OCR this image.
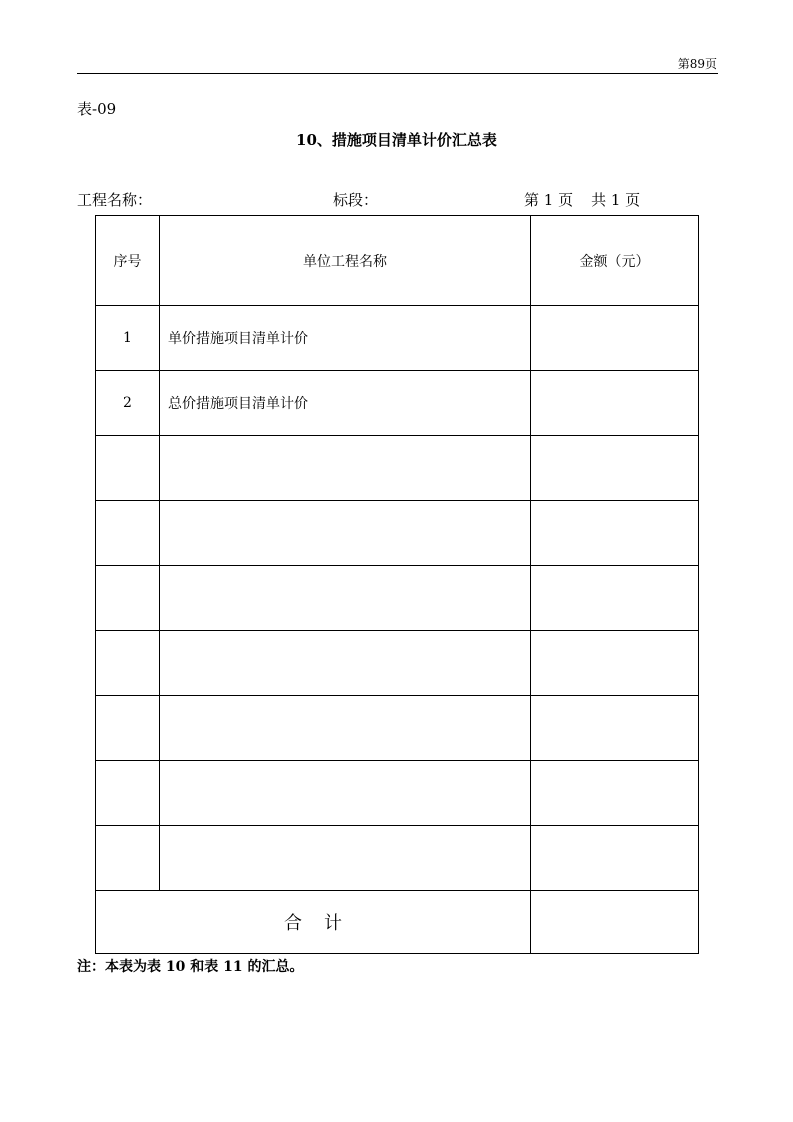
第89页
表-09
10、措施项目清单计价汇总表
工程名称：	标段：	第 1 页 共 1 页
序号	单位工程名称	金额（元）
1	单价措施项目清单计价	
2	总价措施项目清单计价	

合计		
注：本表为表 10 和表 11 的汇总。
